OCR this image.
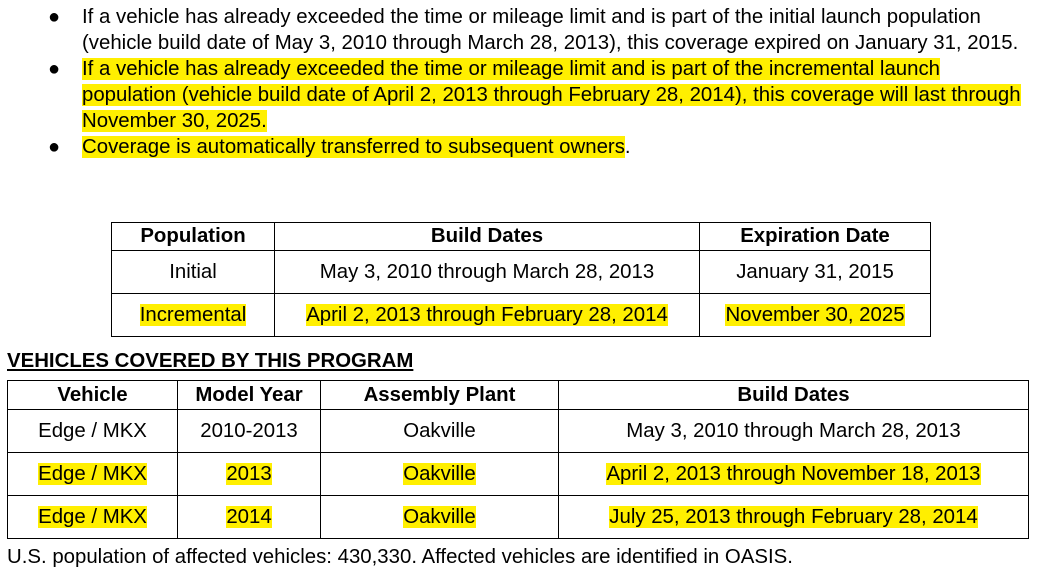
● If a vehicle has already exceeded the time or mileage limit and is part of the initial launch population (vehicle build date of May 3, 2010 through March 28, 2013), this coverage expired on January 31, 2015.
● If a vehicle has already exceeded the time or mileage limit and is part of the incremental launch population (vehicle build date of April 2, 2013 through February 28, 2014), this coverage will last through November 30, 2025.
● Coverage is automatically transferred to subsequent owners.
Population	Build Dates	Expiration Date
Initial	May 3, 2010 through March 28, 2013	January 31, 2015
Incremental	April 2, 2013 through February 28, 2014	November 30, 2025
VEHICLES COVERED BY THIS PROGRAM
Vehicle	Model Year	Assembly Plant	Build Dates
Edge / MKX	2010-2013	Oakville	May 3, 2010 through March 28, 2013
Edge / MKX	2013	Oakville	April 2, 2013 through November 18, 2013
Edge / MKX	2014	Oakville	July 25, 2013 through February 28, 2014
U.S. population of affected vehicles: 430,330. Affected vehicles are identified in OASIS.
